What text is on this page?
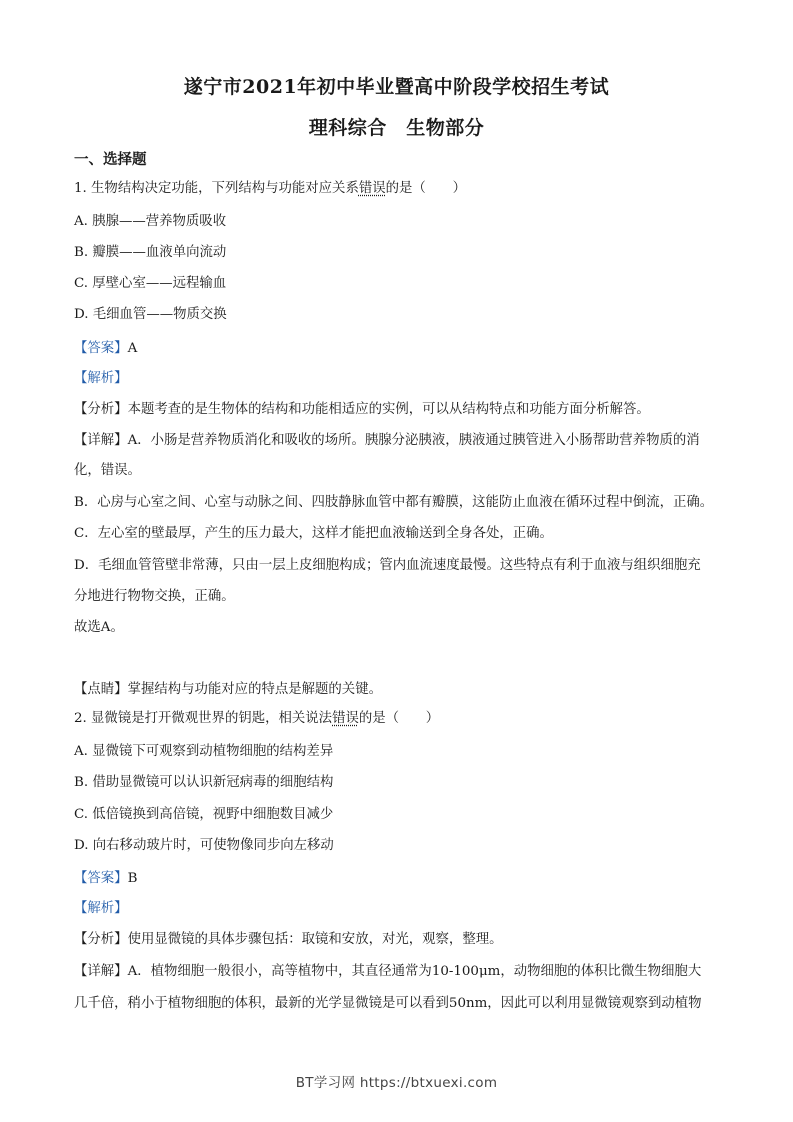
遂宁市2021年初中毕业暨高中阶段学校招生考试
理科综合　生物部分
一、选择题
1. 生物结构决定功能，下列结构与功能对应关系错误的是（　　）
A. 胰腺——营养物质吸收
B. 瓣膜——血液单向流动
C. 厚壁心室——远程输血
D. 毛细血管——物质交换
【答案】A
【解析】
【分析】本题考查的是生物体的结构和功能相适应的实例，可以从结构特点和功能方面分析解答。
【详解】A．小肠是营养物质消化和吸收的场所。胰腺分泌胰液，胰液通过胰管进入小肠帮助营养物质的消
化，错误。
B．心房与心室之间、心室与动脉之间、四肢静脉血管中都有瓣膜，这能防止血液在循环过程中倒流，正确。
C．左心室的壁最厚，产生的压力最大，这样才能把血液输送到全身各处，正确。
D．毛细血管管壁非常薄，只由一层上皮细胞构成；管内血流速度最慢。这些特点有利于血液与组织细胞充
分地进行物物交换，正确。
故选A。
【点睛】掌握结构与功能对应的特点是解题的关键。
2. 显微镜是打开微观世界的钥匙，相关说法错误的是（　　）
A. 显微镜下可观察到动植物细胞的结构差异
B. 借助显微镜可以认识新冠病毒的细胞结构
C. 低倍镜换到高倍镜，视野中细胞数目减少
D. 向右移动玻片时，可使物像同步向左移动
【答案】B
【解析】
【分析】使用显微镜的具体步骤包括：取镜和安放，对光，观察，整理。
【详解】A．植物细胞一般很小，高等植物中，其直径通常为10-100μm，动物细胞的体积比微生物细胞大
几千倍，稍小于植物细胞的体积，最新的光学显微镜是可以看到50nm，因此可以利用显微镜观察到动植物
BT学习网 https://btxuexi.com
